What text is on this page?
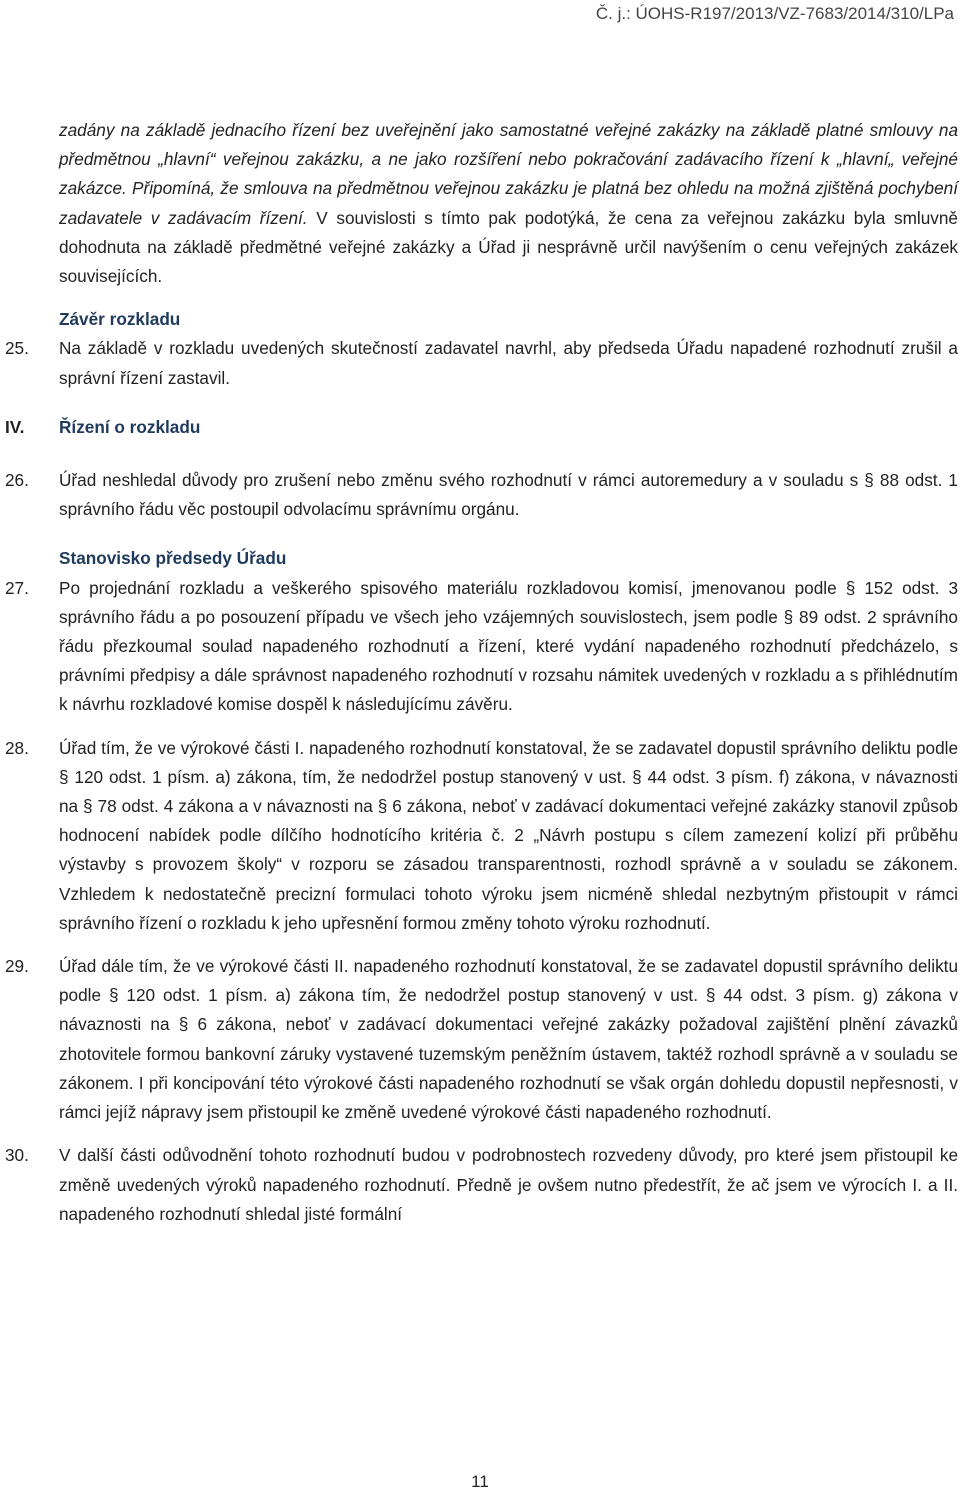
Č. j.: ÚOHS-R197/2013/VZ-7683/2014/310/LPa

zadány na základě jednacího řízení bez uveřejnění jako samostatné veřejné zakázky na základě platné smlouvy na předmětnou „hlavní“ veřejnou zakázku, a ne jako rozšíření nebo pokračování zadávacího řízení k „hlavní„ veřejné zakázce. Připomíná, že smlouva na předmětnou veřejnou zakázku je platná bez ohledu na možná zjištěná pochybení zadavatele v zadávacím řízení. V souvislosti s tímto pak podotýká, že cena za veřejnou zakázku byla smluvně dohodnuta na základě předmětné veřejné zakázky a Úřad ji nesprávně určil navýšením o cenu veřejných zakázek souvisejících.

Závěr rozkladu

25. Na základě v rozkladu uvedených skutečností zadavatel navrhl, aby předseda Úřadu napadené rozhodnutí zrušil a správní řízení zastavil.

IV. Řízení o rozkladu

26. Úřad neshledal důvody pro zrušení nebo změnu svého rozhodnutí v rámci autoremedury a v souladu s § 88 odst. 1 správního řádu věc postoupil odvolacímu správnímu orgánu.

Stanovisko předsedy Úřadu

27. Po projednání rozkladu a veškerého spisového materiálu rozkladovou komisí, jmenovanou podle § 152 odst. 3 správního řádu a po posouzení případu ve všech jeho vzájemných souvislostech, jsem podle § 89 odst. 2 správního řádu přezkoumal soulad napadeného rozhodnutí a řízení, které vydání napadeného rozhodnutí předcházelo, s právními předpisy a dále správnost napadeného rozhodnutí v rozsahu námitek uvedených v rozkladu a s přihlédnutím k návrhu rozkladové komise dospěl k následujícímu závěru.
28. Úřad tím, že ve výrokové části I. napadeného rozhodnutí konstatoval, že se zadavatel dopustil správního deliktu podle § 120 odst. 1 písm. a) zákona, tím, že nedodržel postup stanovený v ust. § 44 odst. 3 písm. f) zákona, v návaznosti na § 78 odst. 4 zákona a v návaznosti na § 6 zákona, neboť v zadávací dokumentaci veřejné zakázky stanovil způsob hodnocení nabídek podle dílčího hodnotícího kritéria č. 2 „Návrh postupu s cílem zamezení kolizí při průběhu výstavby s provozem školy“ v rozporu se zásadou transparentnosti, rozhodl správně a v souladu se zákonem. Vzhledem k nedostatečně precizní formulaci tohoto výroku jsem nicméně shledal nezbytným přistoupit v rámci správního řízení o rozkladu k jeho upřesnění formou změny tohoto výroku rozhodnutí.
29. Úřad dále tím, že ve výrokové části II. napadeného rozhodnutí konstatoval, že se zadavatel dopustil správního deliktu podle § 120 odst. 1 písm. a) zákona tím, že nedodržel postup stanovený v ust. § 44 odst. 3 písm. g) zákona v návaznosti na § 6 zákona, neboť v zadávací dokumentaci veřejné zakázky požadoval zajištění plnění závazků zhotovitele formou bankovní záruky vystavené tuzemským peněžním ústavem, taktéž rozhodl správně a v souladu se zákonem. I při koncipování této výrokové části napadeného rozhodnutí se však orgán dohledu dopustil nepřesnosti, v rámci jejíž nápravy jsem přistoupil ke změně uvedené výrokové části napadeného rozhodnutí.
30. V další části odůvodnění tohoto rozhodnutí budou v podrobnostech rozvedeny důvody, pro které jsem přistoupil ke změně uvedených výroků napadeného rozhodnutí. Předně je ovšem nutno předestřít, že ač jsem ve výrocích I. a II. napadeného rozhodnutí shledal jisté formální
11
